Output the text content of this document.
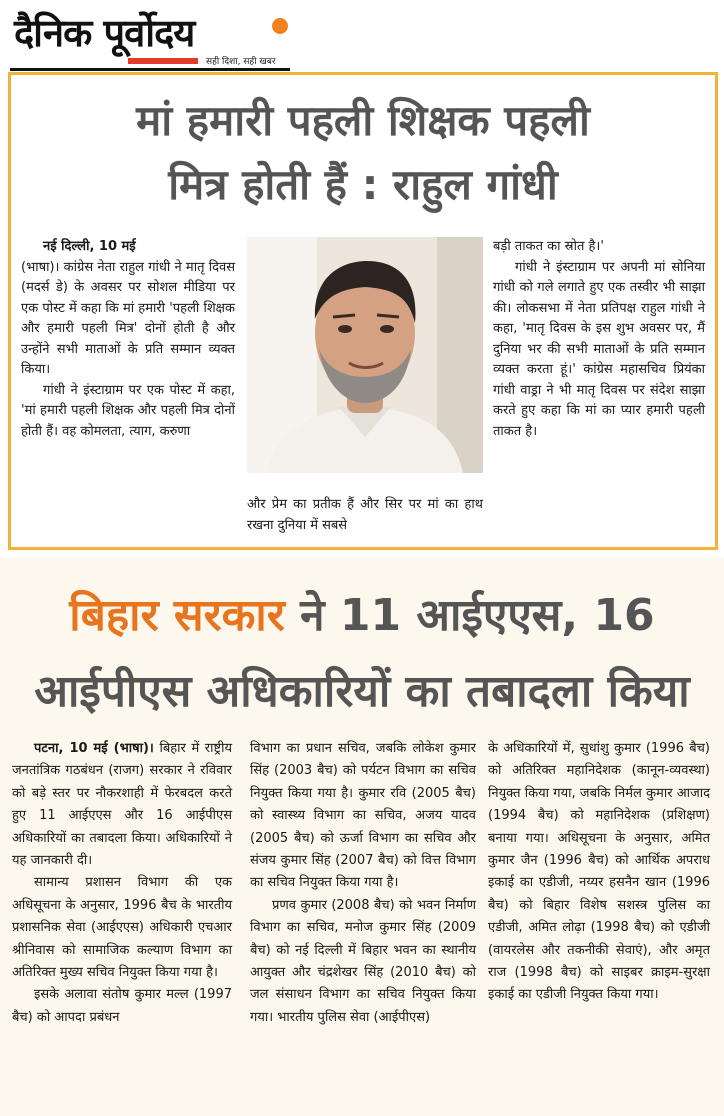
दैनिक पूर्वोदय
सही दिशा, सही खबर
मां हमारी पहली शिक्षक पहली
मित्र होती हैं : राहुल गांधी

नई दिल्ली, 10 मई

(भाषा)। कांग्रेस नेता राहुल गांधी ने मातृ दिवस (मदर्स डे) के अवसर पर सोशल मीडिया पर एक पोस्ट में कहा कि मां हमारी 'पहली शिक्षक और हमारी पहली मित्र' दोनों होती है और उन्होंने सभी माताओं के प्रति सम्मान व्यक्त किया।

गांधी ने इंस्टाग्राम पर एक पोस्ट में कहा, 'मां हमारी पहली शिक्षक और पहली मित्र दोनों होती हैं। वह कोमलता, त्याग, करुणा

और प्रेम का प्रतीक हैं और सिर पर मां का हाथ रखना दुनिया में सबसे

बड़ी ताकत का स्रोत है।'

गांधी ने इंस्टाग्राम पर अपनी मां सोनिया गांधी को गले लगाते हुए एक तस्वीर भी साझा की। लोकसभा में नेता प्रतिपक्ष राहुल गांधी ने कहा, 'मातृ दिवस के इस शुभ अवसर पर, मैं दुनिया भर की सभी माताओं के प्रति सम्मान व्यक्त करता हूं।' कांग्रेस महासचिव प्रियंका गांधी वाड्रा ने भी मातृ दिवस पर संदेश साझा करते हुए कहा कि मां का प्यार हमारी पहली ताकत है।

बिहार सरकार ने 11 आईएएस, 16
आईपीएस अधिकारियों का तबादला किया

पटना, 10 मई (भाषा)। बिहार में राष्ट्रीय जनतांत्रिक गठबंधन (राजग) सरकार ने रविवार को बड़े स्तर पर नौकरशाही में फेरबदल करते हुए 11 आईएएस और 16 आईपीएस अधिकारियों का तबादला किया। अधिकारियों ने यह जानकारी दी।

सामान्य प्रशासन विभाग की एक अधिसूचना के अनुसार, 1996 बैच के भारतीय प्रशासनिक सेवा (आईएएस) अधिकारी एचआर श्रीनिवास को सामाजिक कल्याण विभाग का अतिरिक्त मुख्य सचिव नियुक्त किया गया है।

इसके अलावा संतोष कुमार मल्ल (1997 बैच) को आपदा प्रबंधन

विभाग का प्रधान सचिव, जबकि लोकेश कुमार सिंह (2003 बैच) को पर्यटन विभाग का सचिव नियुक्त किया गया है। कुमार रवि (2005 बैच) को स्वास्थ्य विभाग का सचिव, अजय यादव (2005 बैच) को ऊर्जा विभाग का सचिव और संजय कुमार सिंह (2007 बैच) को वित्त विभाग का सचिव नियुक्त किया गया है।

प्रणव कुमार (2008 बैच) को भवन निर्माण विभाग का सचिव, मनोज कुमार सिंह (2009 बैच) को नई दिल्ली में बिहार भवन का स्थानीय आयुक्त और चंद्रशेखर सिंह (2010 बैच) को जल संसाधन विभाग का सचिव नियुक्त किया गया। भारतीय पुलिस सेवा (आईपीएस)

के अधिकारियों में, सुधांशु कुमार (1996 बैच) को अतिरिक्त महानिदेशक (कानून-व्यवस्था) नियुक्त किया गया, जबकि निर्मल कुमार आजाद (1994 बैच) को महानिदेशक (प्रशिक्षण) बनाया गया। अधिसूचना के अनुसार, अमित कुमार जैन (1996 बैच) को आर्थिक अपराध इकाई का एडीजी, नय्यर हसनैन खान (1996 बैच) को बिहार विशेष सशस्त्र पुलिस का एडीजी, अमित लोढ़ा (1998 बैच) को एडीजी (वायरलेस और तकनीकी सेवाएं), और अमृत राज (1998 बैच) को साइबर क्राइम-सुरक्षा इकाई का एडीजी नियुक्त किया गया।
